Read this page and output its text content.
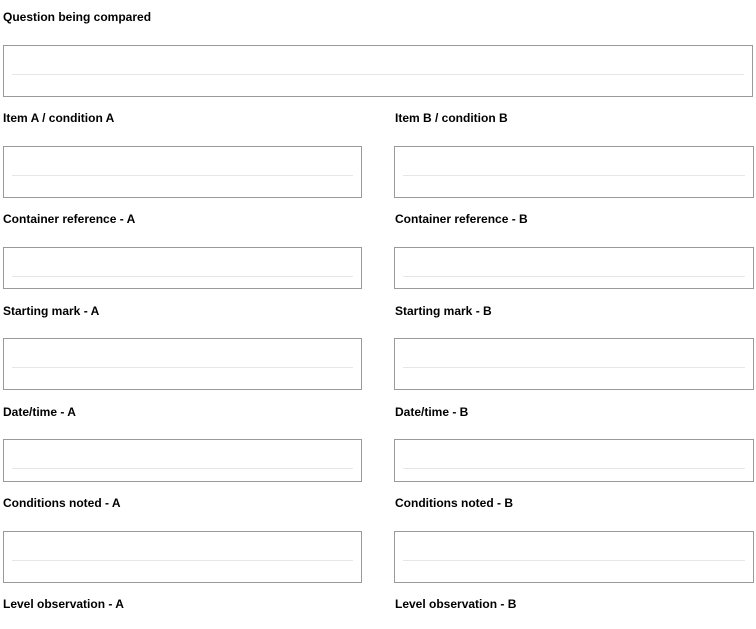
Question being compared
Item A / condition A	Item B / condition B
Container reference - A	Container reference - B
Starting mark - A	Starting mark - B
Date/time - A	Date/time - B
Conditions noted - A	Conditions noted - B
Level observation - A	Level observation - B
